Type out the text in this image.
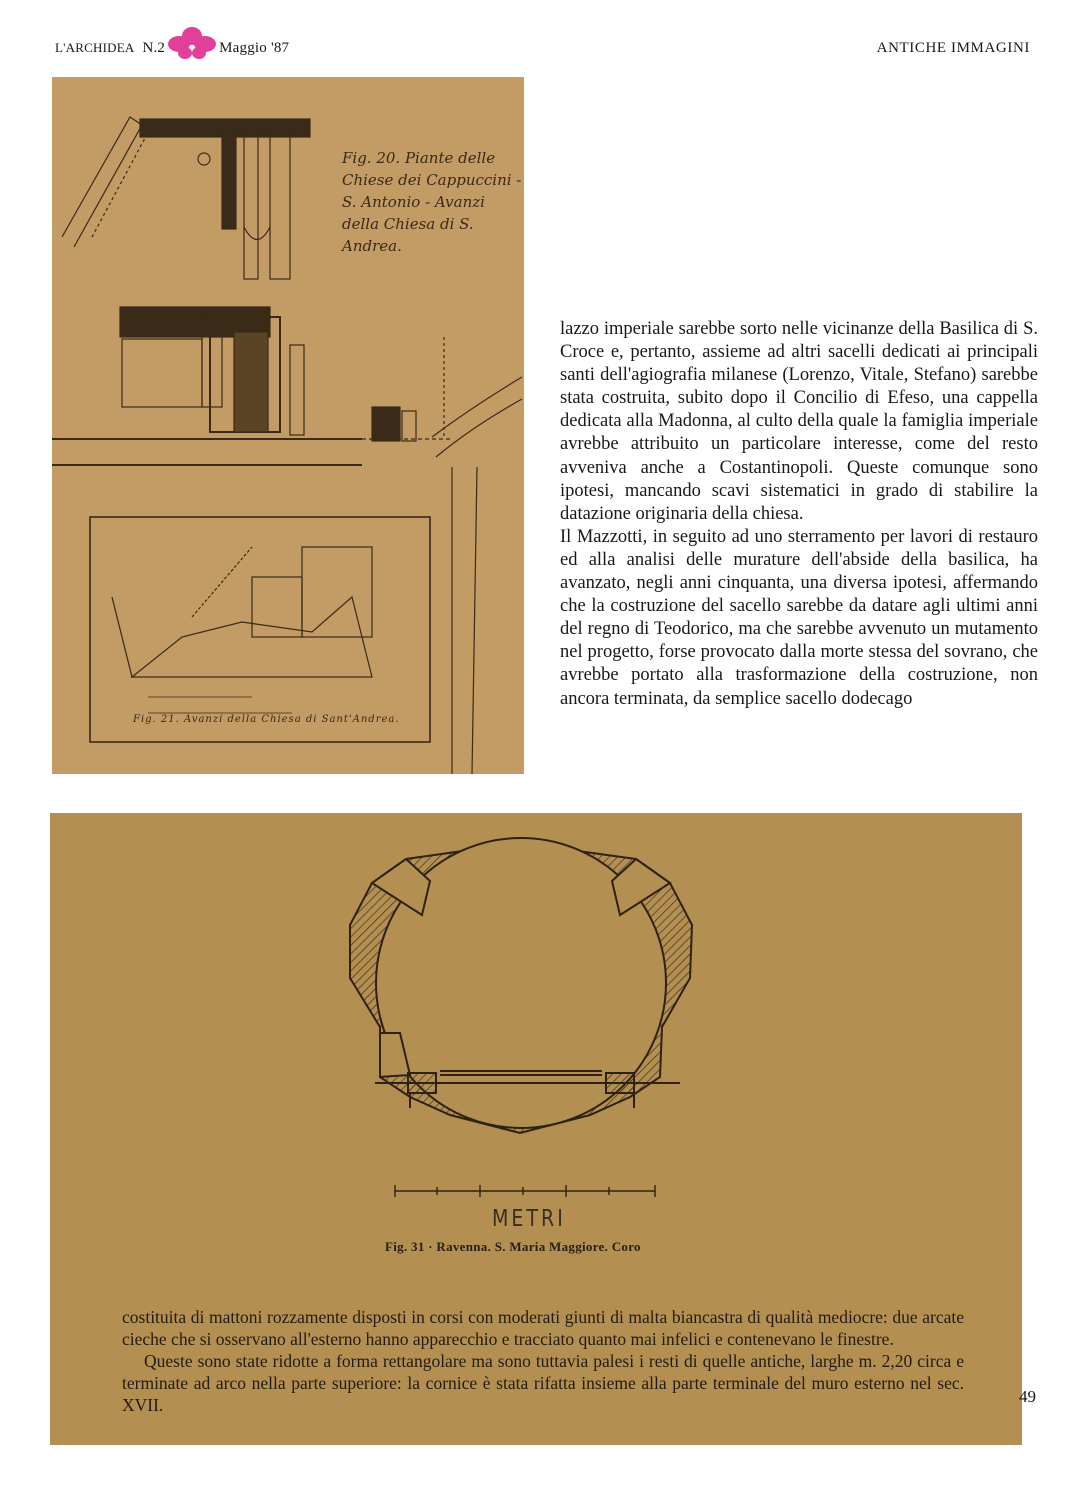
L'ARCHIDEA N.2	Maggio '87	ANTICHE IMMAGINI
Fig. 20. Piante delle Chiese dei Cappuccini - S. Antonio - Avanzi della Chiesa di S. Andrea.
Fig. 21. Avanzi della Chiesa di Sant'Andrea.

lazzo imperiale sarebbe sorto nelle vicinanze della Basilica di S. Croce e, pertanto, assieme ad altri sacelli dedicati ai principali santi dell'agiografia milanese (Lorenzo, Vitale, Stefano) sarebbe stata costruita, subito dopo il Concilio di Efeso, una cappella dedicata alla Madonna, al culto della quale la famiglia imperiale avrebbe attribuito un particolare interesse, come del resto avveniva anche a Costantinopoli. Queste comunque sono ipotesi, mancando scavi sistematici in grado di stabilire la datazione originaria della chiesa.

Il Mazzotti, in seguito ad uno sterramento per lavori di restauro ed alla analisi delle murature dell'abside della basilica, ha avanzato, negli anni cinquanta, una diversa ipotesi, affermando che la costruzione del sacello sarebbe da datare agli ultimi anni del regno di Teodorico, ma che sarebbe avvenuto un mutamento nel progetto, forse provocato dalla morte stessa del sovrano, che avrebbe portato alla trasformazione della costruzione, non ancora terminata, da semplice sacello dodecago

METRI
Fig. 31 · Ravenna. S. Maria Maggiore. Coro

costituita di mattoni rozzamente disposti in corsi con moderati giunti di malta biancastra di qualità mediocre: due arcate cieche che si osservano all'esterno hanno apparecchio e tracciato quanto mai infelici e contenevano le finestre.

Queste sono state ridotte a forma rettangolare ma sono tuttavia palesi i resti di quelle antiche, larghe m. 2,20 circa e terminate ad arco nella parte superiore: la cornice è stata rifatta insieme alla parte terminale del muro esterno nel sec. XVII.	49
